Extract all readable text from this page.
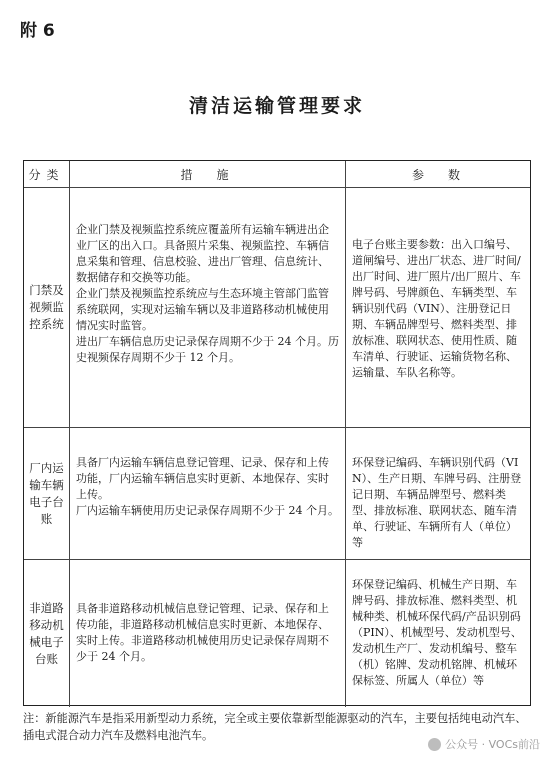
附 6
清洁运输管理要求
分类	措　施	参　数
门禁及视频监控系统

企业门禁及视频监控系统应覆盖所有运输车辆进出企业厂区的出入口。具备照片采集、视频监控、车辆信息采集和管理、信息校验、进出厂管理、信息统计、数据储存和交换等功能。

企业门禁及视频监控系统应与生态环境主管部门监管系统联网，实现对运输车辆以及非道路移动机械使用情况实时监管。

进出厂车辆信息历史记录保存周期不少于 24 个月。历史视频保存周期不少于 12 个月。

电子台账主要参数：出入口编号、道闸编号、进出厂状态、进厂时间/出厂时间、进厂照片/出厂照片、车牌号码、号牌颜色、车辆类型、车辆识别代码（VIN）、注册登记日期、车辆品牌型号、燃料类型、排放标准、联网状态、使用性质、随车清单、行驶证、运输货物名称、运输量、车队名称等。
厂内运输车辆电子台账

具备厂内运输车辆信息登记管理、记录、保存和上传功能，厂内运输车辆信息实时更新、本地保存、实时上传。

厂内运输车辆使用历史记录保存周期不少于 24 个月。

环保登记编码、车辆识别代码（VIN）、生产日期、车牌号码、注册登记日期、车辆品牌型号、燃料类型、排放标准、联网状态、随车清单、行驶证、车辆所有人（单位）等
非道路移动机械电子台账

具备非道路移动机械信息登记管理、记录、保存和上传功能，非道路移动机械信息实时更新、本地保存、实时上传。非道路移动机械使用历史记录保存周期不少于 24 个月。

环保登记编码、机械生产日期、车牌号码、排放标准、燃料类型、机械种类、机械环保代码/产品识别码（PIN）、机械型号、发动机型号、发动机生产厂、发动机编号、整车（机）铭牌、发动机铭牌、机械环保标签、所属人（单位）等
注：新能源汽车是指采用新型动力系统，完全或主要依靠新型能源驱动的汽车，主要包括纯电动汽车、插电式混合动力汽车及燃料电池汽车。
公众号 · VOCs前沿
